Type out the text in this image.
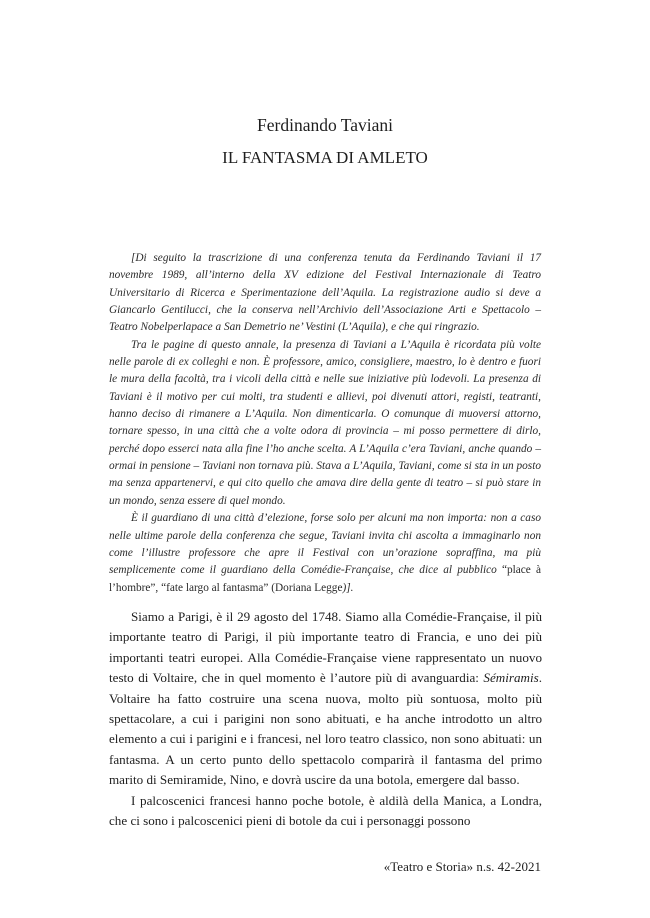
Ferdinando Taviani
IL FANTASMA DI AMLETO

[Di seguito la trascrizione di una conferenza tenuta da Ferdinando Taviani il 17 novembre 1989, all’interno della XV edizione del Festival Internazionale di Teatro Universitario di Ricerca e Sperimentazione dell’Aquila. La registrazione audio si deve a Giancarlo Gentilucci, che la conserva nell’Archivio dell’Associazione Arti e Spettacolo – Teatro Nobelperlapace a San Demetrio ne’ Vestini (L’Aquila), e che qui ringrazio.

Tra le pagine di questo annale, la presenza di Taviani a L’Aquila è ricordata più volte nelle parole di ex colleghi e non. È professore, amico, consigliere, maestro, lo è dentro e fuori le mura della facoltà, tra i vicoli della città e nelle sue iniziative più lodevoli. La presenza di Taviani è il motivo per cui molti, tra studenti e allievi, poi divenuti attori, registi, teatranti, hanno deciso di rimanere a L’Aquila. Non dimenticarla. O comunque di muoversi attorno, tornare spesso, in una città che a volte odora di provincia – mi posso permettere di dirlo, perché dopo esserci nata alla fine l’ho anche scelta. A L’Aquila c’era Taviani, anche quando – ormai in pensione – Taviani non tornava più. Stava a L’Aquila, Taviani, come si sta in un posto ma senza appartenervi, e qui cito quello che amava dire della gente di teatro – si può stare in un mondo, senza essere di quel mondo.

È il guardiano di una città d’elezione, forse solo per alcuni ma non importa: non a caso nelle ultime parole della conferenza che segue, Taviani invita chi ascolta a immaginarlo non come l’illustre professore che apre il Festival con un’orazione sopraffina, ma più semplicemente come il guardiano della Comédie-Française, che dice al pubblico “place à l’hombre”, “fate largo al fantasma” (Doriana Legge)].

Siamo a Parigi, è il 29 agosto del 1748. Siamo alla Comédie-Française, il più importante teatro di Parigi, il più importante teatro di Francia, e uno dei più importanti teatri europei. Alla Comédie-Française viene rappresentato un nuovo testo di Voltaire, che in quel momento è l’autore più di avanguardia: Sémiramis. Voltaire ha fatto costruire una scena nuova, molto più sontuosa, molto più spettacolare, a cui i parigini non sono abituati, e ha anche introdotto un altro elemento a cui i parigini e i francesi, nel loro teatro classico, non sono abituati: un fantasma. A un certo punto dello spettacolo comparirà il fantasma del primo marito di Semiramide, Nino, e dovrà uscire da una botola, emergere dal basso.

I palcoscenici francesi hanno poche botole, è aldilà della Manica, a Londra, che ci sono i palcoscenici pieni di botole da cui i personaggi possono

«Teatro e Storia» n.s. 42-2021
